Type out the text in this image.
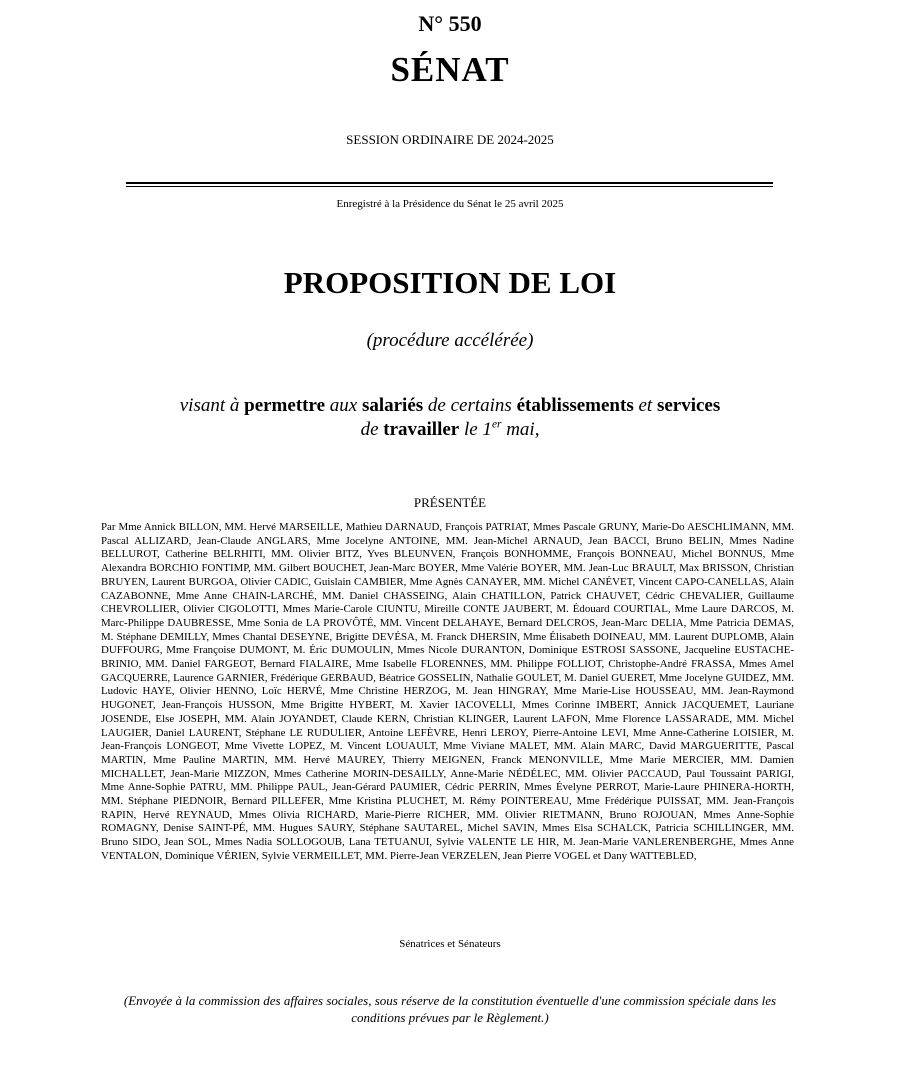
N° 550
SÉNAT
SESSION ORDINAIRE DE 2024-2025
Enregistré à la Présidence du Sénat le 25 avril 2025
PROPOSITION DE LOI
(procédure accélérée)
visant à permettre aux salariés de certains établissements et services
de travailler le 1er mai,
PRÉSENTÉE
Par Mme Annick BILLON, MM. Hervé MARSEILLE, Mathieu DARNAUD, François PATRIAT, Mmes Pascale GRUNY, Marie-Do AESCHLIMANN, MM. Pascal ALLIZARD, Jean-Claude ANGLARS, Mme Jocelyne ANTOINE, MM. Jean-Michel ARNAUD, Jean BACCI, Bruno BELIN, Mmes Nadine BELLUROT, Catherine BELRHITI, MM. Olivier BITZ, Yves BLEUNVEN, François BONHOMME, François BONNEAU, Michel BONNUS, Mme Alexandra BORCHIO FONTIMP, MM. Gilbert BOUCHET, Jean-Marc BOYER, Mme Valérie BOYER, MM. Jean-Luc BRAULT, Max BRISSON, Christian BRUYEN, Laurent BURGOA, Olivier CADIC, Guislain CAMBIER, Mme Agnès CANAYER, MM. Michel CANÉVET, Vincent CAPO-CANELLAS, Alain CAZABONNE, Mme Anne CHAIN-LARCHÉ, MM. Daniel CHASSEING, Alain CHATILLON, Patrick CHAUVET, Cédric CHEVALIER, Guillaume CHEVROLLIER, Olivier CIGOLOTTI, Mmes Marie-Carole CIUNTU, Mireille CONTE JAUBERT, M. Édouard COURTIAL, Mme Laure DARCOS, M. Marc-Philippe DAUBRESSE, Mme Sonia de LA PROVÔTÉ, MM. Vincent DELAHAYE, Bernard DELCROS, Jean-Marc DELIA, Mme Patricia DEMAS, M. Stéphane DEMILLY, Mmes Chantal DESEYNE, Brigitte DEVÉSA, M. Franck DHERSIN, Mme Élisabeth DOINEAU, MM. Laurent DUPLOMB, Alain DUFFOURG, Mme Françoise DUMONT, M. Éric DUMOULIN, Mmes Nicole DURANTON, Dominique ESTROSI SASSONE, Jacqueline EUSTACHE-BRINIO, MM. Daniel FARGEOT, Bernard FIALAIRE, Mme Isabelle FLORENNES, MM. Philippe FOLLIOT, Christophe-André FRASSA, Mmes Amel GACQUERRE, Laurence GARNIER, Frédérique GERBAUD, Béatrice GOSSELIN, Nathalie GOULET, M. Daniel GUERET, Mme Jocelyne GUIDEZ, MM. Ludovic HAYE, Olivier HENNO, Loïc HERVÉ, Mme Christine HERZOG, M. Jean HINGRAY, Mme Marie-Lise HOUSSEAU, MM. Jean-Raymond HUGONET, Jean-François HUSSON, Mme Brigitte HYBERT, M. Xavier IACOVELLI, Mmes Corinne IMBERT, Annick JACQUEMET, Lauriane JOSENDE, Else JOSEPH, MM. Alain JOYANDET, Claude KERN, Christian KLINGER, Laurent LAFON, Mme Florence LASSARADE, MM. Michel LAUGIER, Daniel LAURENT, Stéphane LE RUDULIER, Antoine LEFÈVRE, Henri LEROY, Pierre-Antoine LEVI, Mme Anne-Catherine LOISIER, M. Jean-François LONGEOT, Mme Vivette LOPEZ, M. Vincent LOUAULT, Mme Viviane MALET, MM. Alain MARC, David MARGUERITTE, Pascal MARTIN, Mme Pauline MARTIN, MM. Hervé MAUREY, Thierry MEIGNEN, Franck MENONVILLE, Mme Marie MERCIER, MM. Damien MICHALLET, Jean-Marie MIZZON, Mmes Catherine MORIN-DESAILLY, Anne-Marie NÉDÉLEC, MM. Olivier PACCAUD, Paul Toussaint PARIGI, Mme Anne-Sophie PATRU, MM. Philippe PAUL, Jean-Gérard PAUMIER, Cédric PERRIN, Mmes Évelyne PERROT, Marie-Laure PHINERA-HORTH, MM. Stéphane PIEDNOIR, Bernard PILLEFER, Mme Kristina PLUCHET, M. Rémy POINTEREAU, Mme Frédérique PUISSAT, MM. Jean-François RAPIN, Hervé REYNAUD, Mmes Olivia RICHARD, Marie-Pierre RICHER, MM. Olivier RIETMANN, Bruno ROJOUAN, Mmes Anne-Sophie ROMAGNY, Denise SAINT-PÉ, MM. Hugues SAURY, Stéphane SAUTAREL, Michel SAVIN, Mmes Elsa SCHALCK, Patricia SCHILLINGER, MM. Bruno SIDO, Jean SOL, Mmes Nadia SOLLOGOUB, Lana TETUANUI, Sylvie VALENTE LE HIR, M. Jean-Marie VANLERENBERGHE, Mmes Anne VENTALON, Dominique VÉRIEN, Sylvie VERMEILLET, MM. Pierre-Jean VERZELEN, Jean Pierre VOGEL et Dany WATTEBLED,
Sénatrices et Sénateurs
(Envoyée à la commission des affaires sociales, sous réserve de la constitution éventuelle d'une commission spéciale dans les conditions prévues par le Règlement.)
